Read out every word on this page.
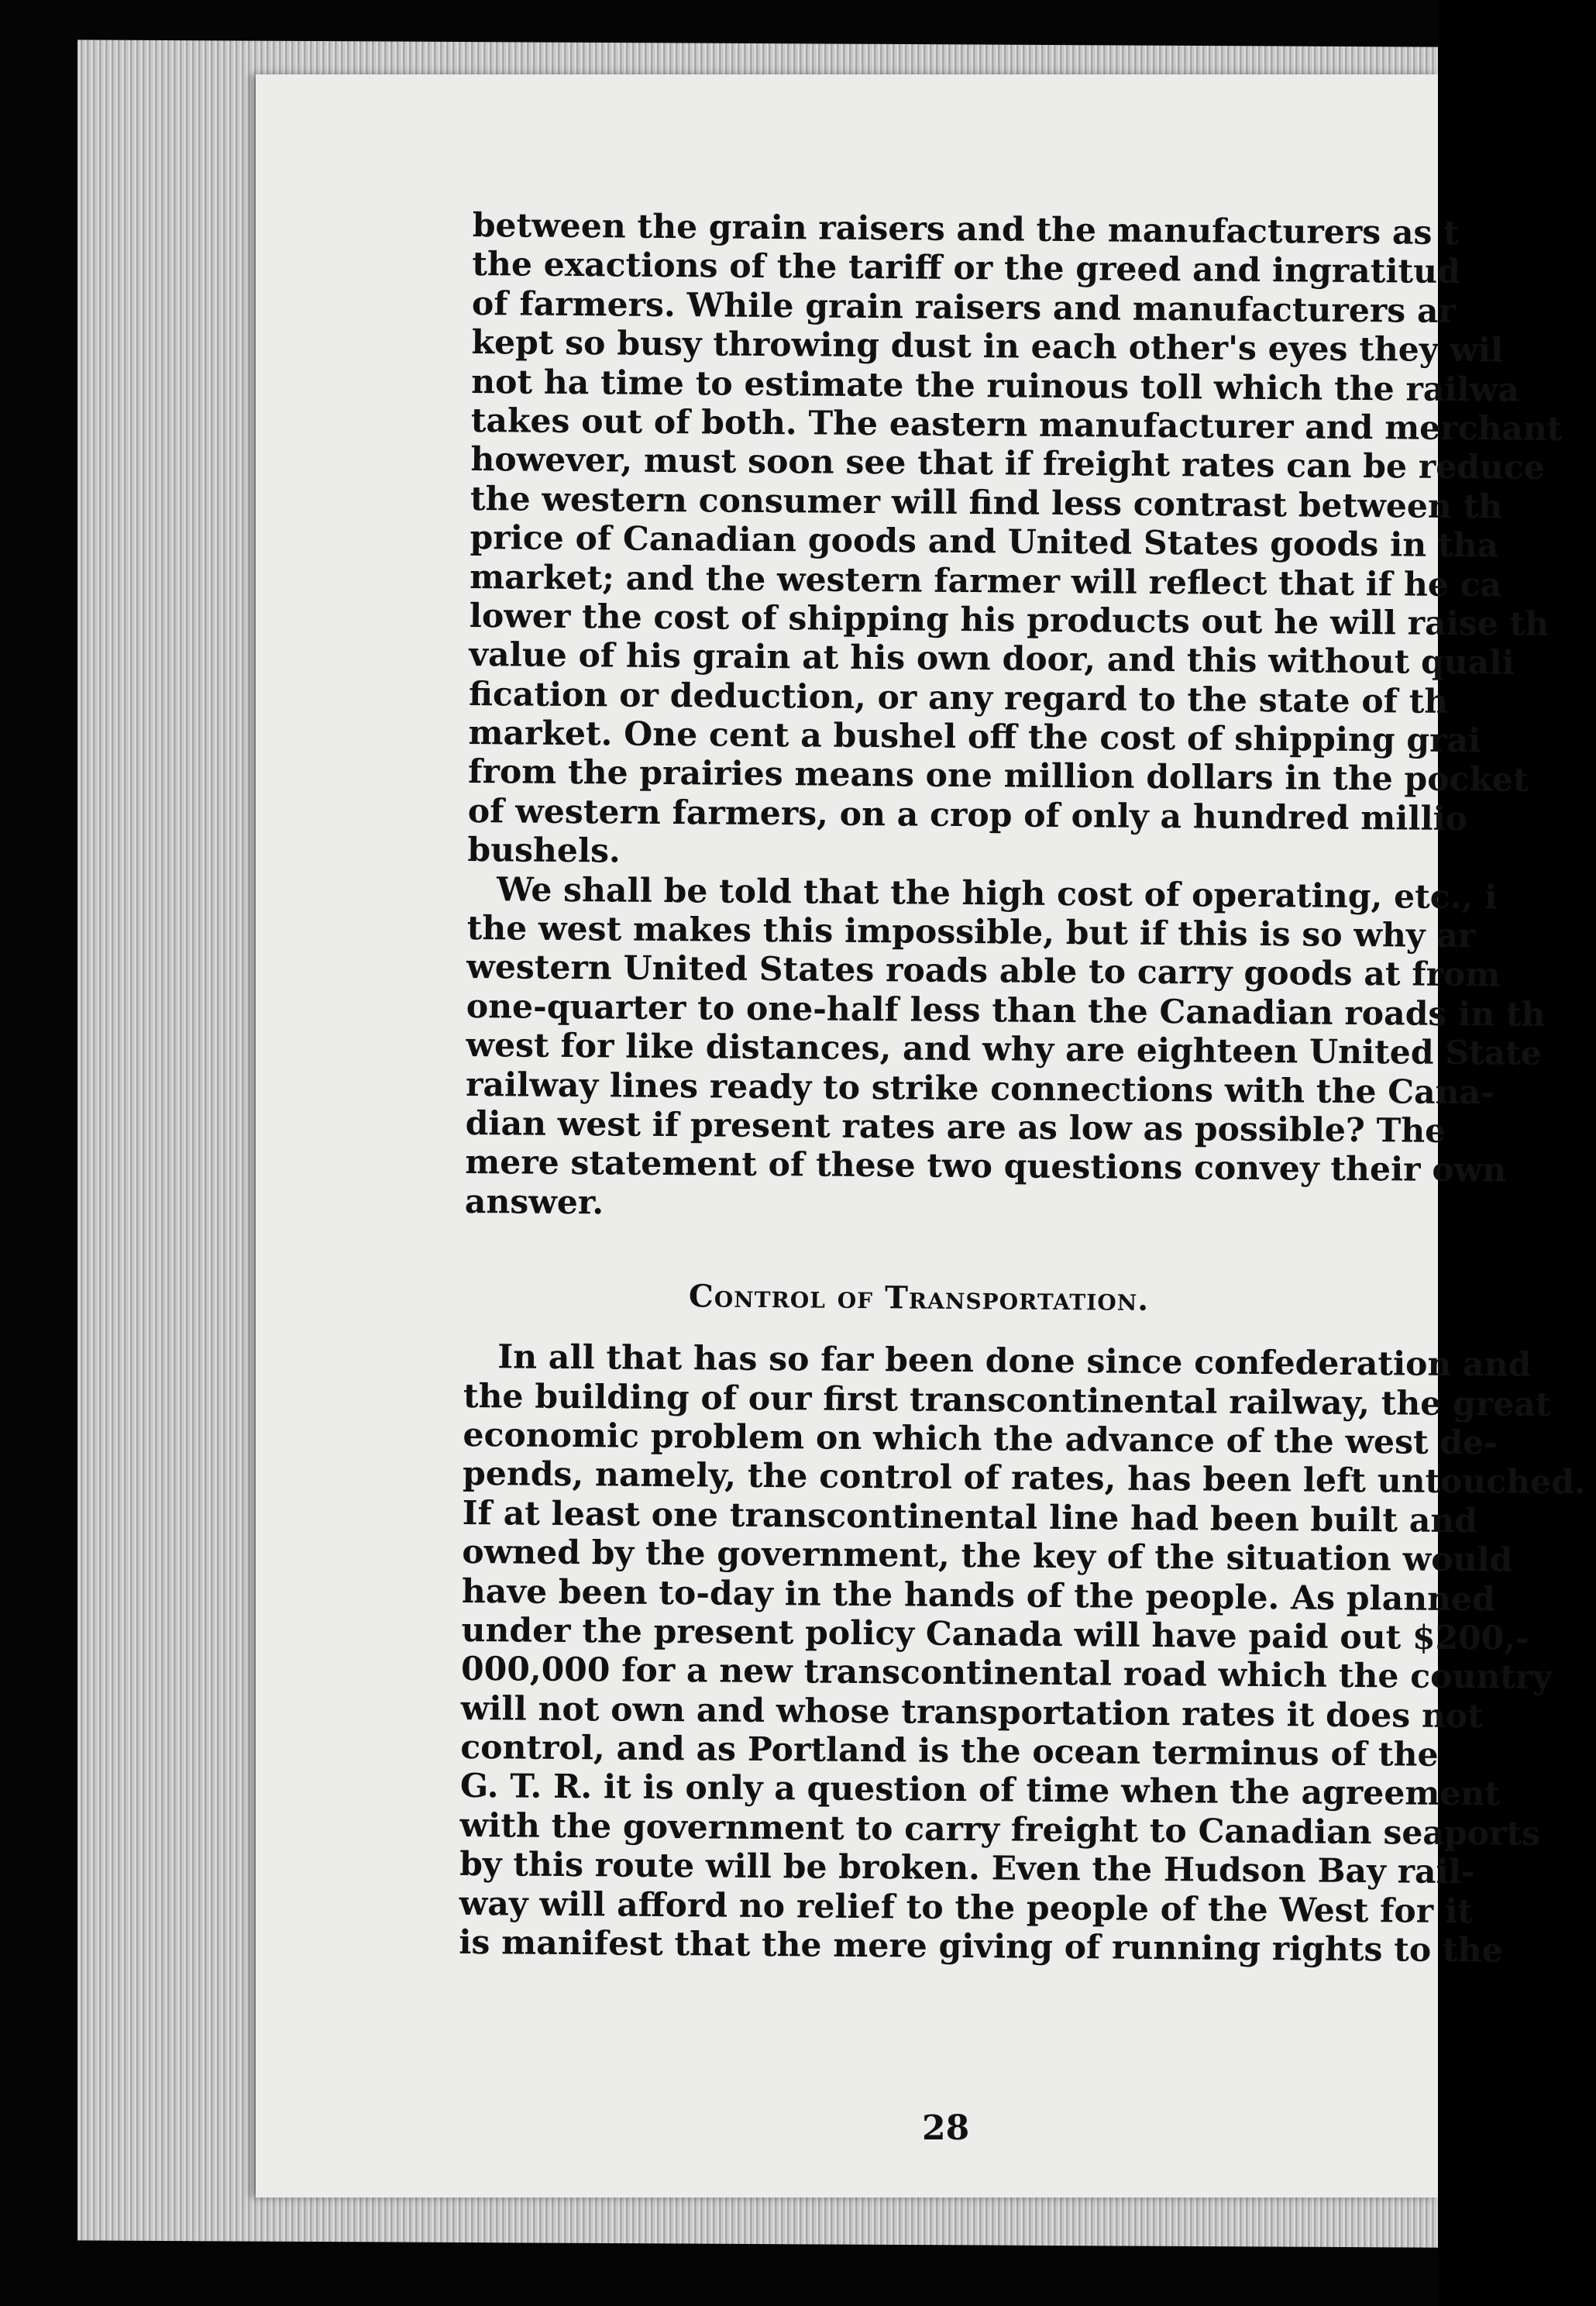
between the grain raisers and the manufacturers as t
the exactions of the tariff or the greed and ingratitud
of farmers. While grain raisers and manufacturers ar
kept so busy throwing dust in each other's eyes they wil
not ha time to estimate the ruinous toll which the railwa
takes out of both. The eastern manufacturer and merchant
however, must soon see that if freight rates can be reduce
the western consumer will find less contrast between th
price of Canadian goods and United States goods in tha
market; and the western farmer will reflect that if he ca
lower the cost of shipping his products out he will raise th
value of his grain at his own door, and this without quali
fication or deduction, or any regard to the state of th
market. One cent a bushel off the cost of shipping grai
from the prairies means one million dollars in the pocket
of western farmers, on a crop of only a hundred millio
bushels.
We shall be told that the high cost of operating, etc., i
the west makes this impossible, but if this is so why ar
western United States roads able to carry goods at from
one-quarter to one-half less than the Canadian roads in th
west for like distances, and why are eighteen United State
railway lines ready to strike connections with the Cana-
dian west if present rates are as low as possible? The
mere statement of these two questions convey their own
answer.
Control of Transportation.
In all that has so far been done since confederation and
the building of our first transcontinental railway, the great
economic problem on which the advance of the west de-
pends, namely, the control of rates, has been left untouched.
If at least one transcontinental line had been built and
owned by the government, the key of the situation would
have been to-day in the hands of the people. As planned
under the present policy Canada will have paid out $200,-
000,000 for a new transcontinental road which the country
will not own and whose transportation rates it does not
control, and as Portland is the ocean terminus of the
G. T. R. it is only a question of time when the agreement
with the government to carry freight to Canadian seaports
by this route will be broken. Even the Hudson Bay rail-
way will afford no relief to the people of the West for it
is manifest that the mere giving of running rights to the
28
